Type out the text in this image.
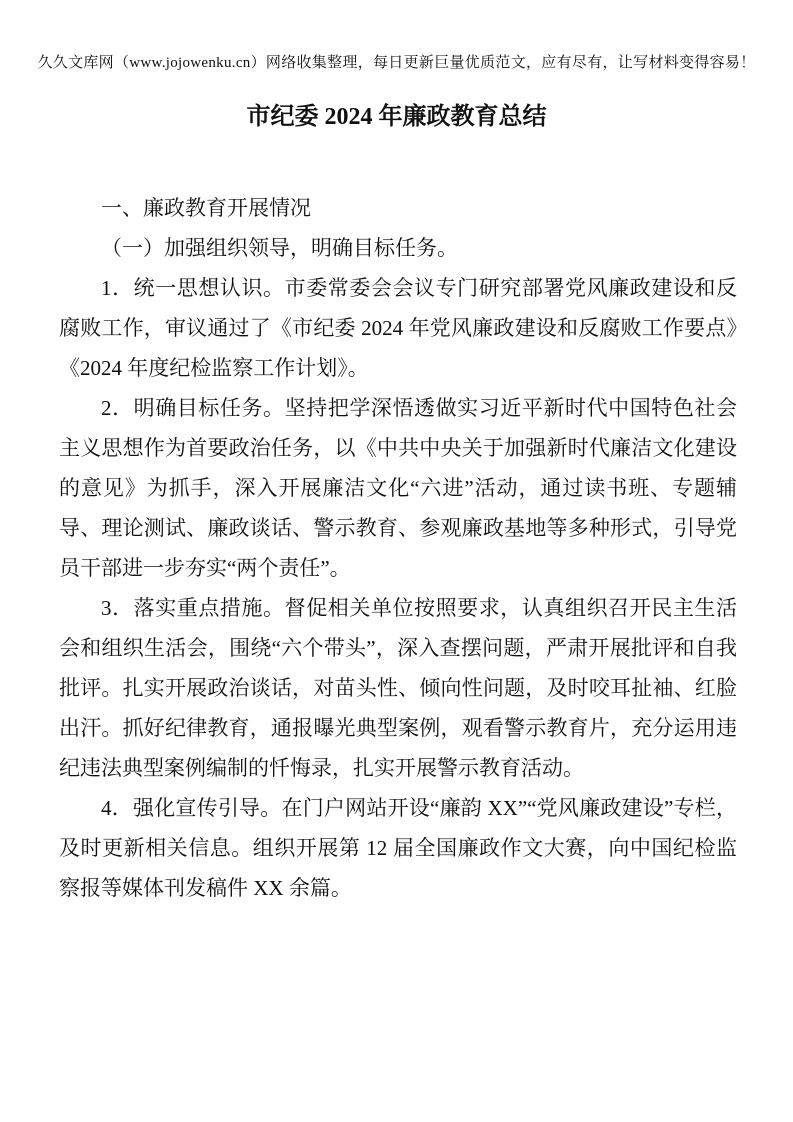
久久文库网（www.jojowenku.cn）网络收集整理，每日更新巨量优质范文，应有尽有，让写材料变得容易！
市纪委 2024 年廉政教育总结

一、廉政教育开展情况

（一）加强组织领导，明确目标任务。

1．统一思想认识。市委常委会会议专门研究部署党风廉政建设和反腐败工作，审议通过了《市纪委 2024 年党风廉政建设和反腐败工作要点》《2024 年度纪检监察工作计划》。

2．明确目标任务。坚持把学深悟透做实习近平新时代中国特色社会主义思想作为首要政治任务，以《中共中央关于加强新时代廉洁文化建设的意见》为抓手，深入开展廉洁文化“六进”活动，通过读书班、专题辅导、理论测试、廉政谈话、警示教育、参观廉政基地等多种形式，引导党员干部进一步夯实“两个责任”。

3．落实重点措施。督促相关单位按照要求，认真组织召开民主生活会和组织生活会，围绕“六个带头”，深入查摆问题，严肃开展批评和自我批评。扎实开展政治谈话，对苗头性、倾向性问题，及时咬耳扯袖、红脸出汗。抓好纪律教育，通报曝光典型案例，观看警示教育片，充分运用违纪违法典型案例编制的忏悔录，扎实开展警示教育活动。

4．强化宣传引导。在门户网站开设“廉韵 XX”“党风廉政建设”专栏，及时更新相关信息。组织开展第 12 届全国廉政作文大赛，向中国纪检监察报等媒体刊发稿件 XX 余篇。
